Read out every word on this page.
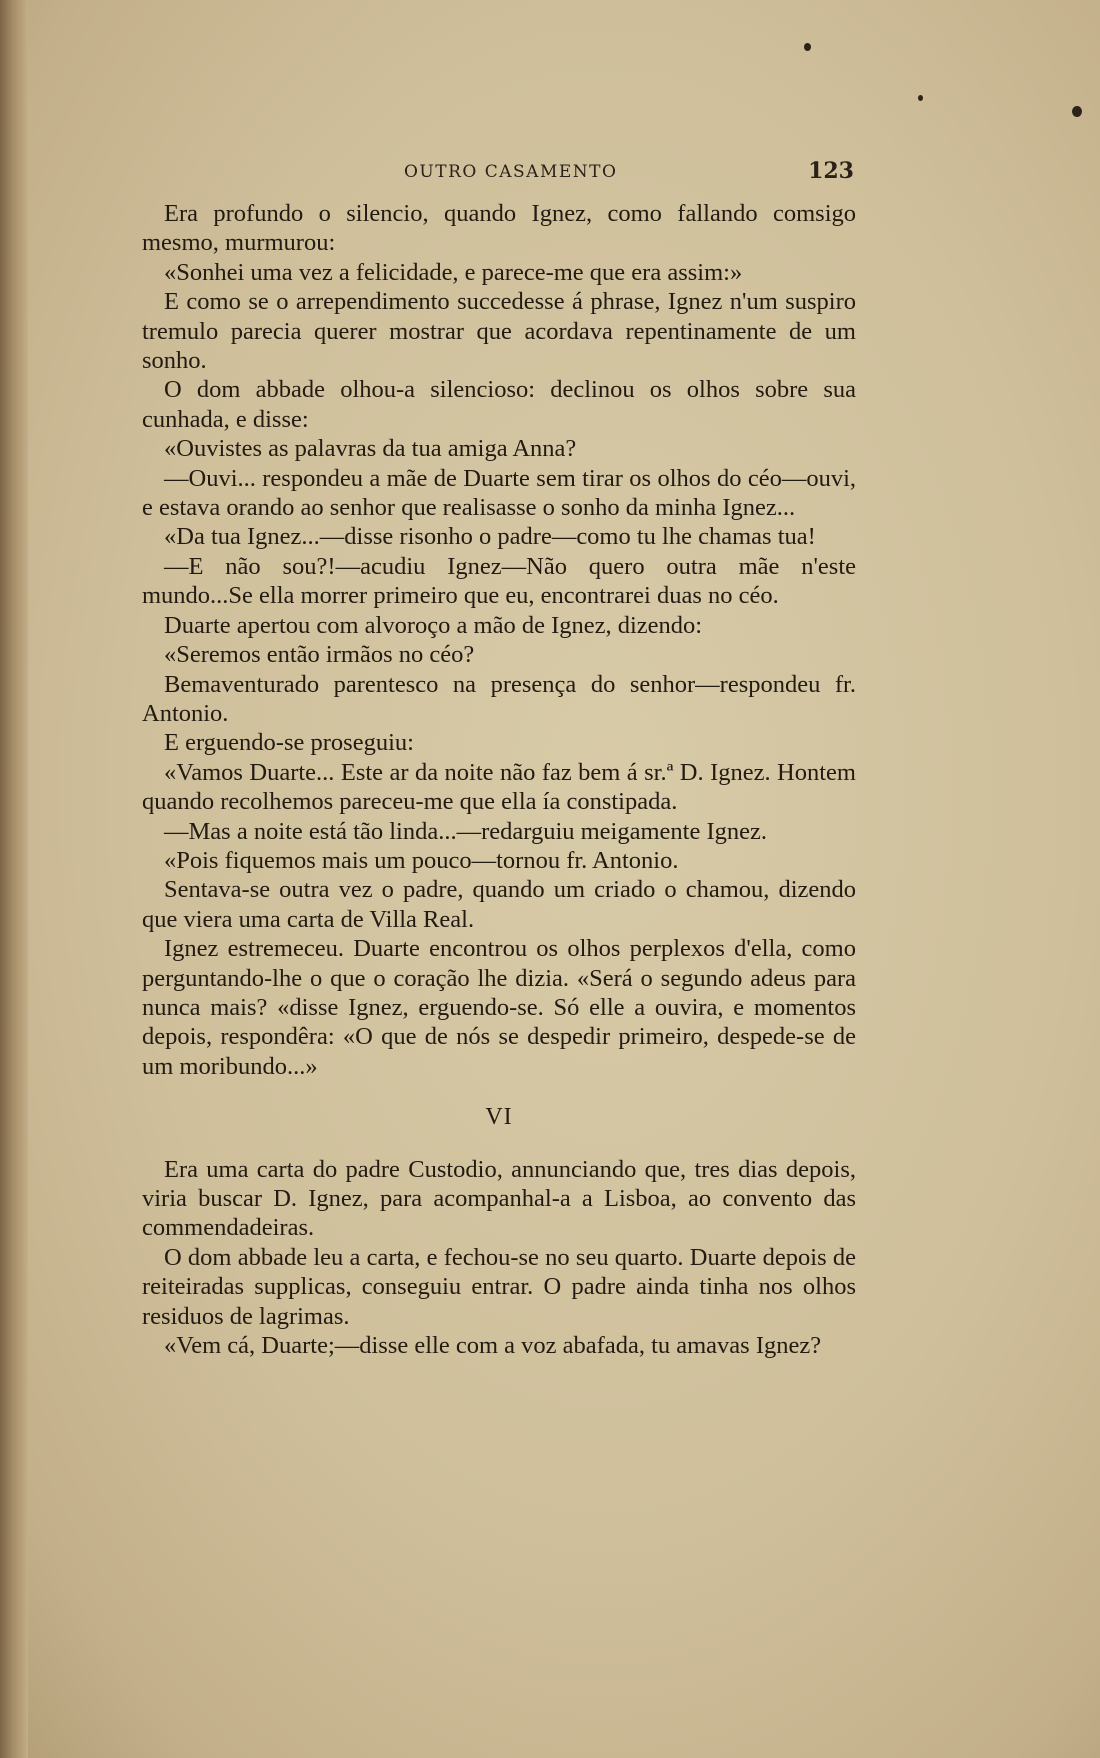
OUTRO CASAMENTO	123

Era profundo o silencio, quando Ignez, como fallando comsigo mesmo, murmurou:

«Sonhei uma vez a felicidade, e parece-me que era assim:»

E como se o arrependimento succedesse á phrase, Ignez n'um suspiro tremulo parecia querer mostrar que acordava repentinamente de um sonho.

O dom abbade olhou-a silencioso: declinou os olhos sobre sua cunhada, e disse:

«Ouvistes as palavras da tua amiga Anna?

—Ouvi... respondeu a mãe de Duarte sem tirar os olhos do céo—ouvi, e estava orando ao senhor que realisasse o sonho da minha Ignez...

«Da tua Ignez...—disse risonho o padre—como tu lhe chamas tua!

—E não sou?!—acudiu Ignez—Não quero outra mãe n'este mundo...Se ella morrer primeiro que eu, encontrarei duas no céo.

Duarte apertou com alvoroço a mão de Ignez, dizendo:

«Seremos então irmãos no céo?

Bemaventurado parentesco na presença do senhor—respondeu fr. Antonio.

E erguendo-se proseguiu:

«Vamos Duarte... Este ar da noite não faz bem á sr.ª D. Ignez. Hontem quando recolhemos pareceu-me que ella ía constipada.

—Mas a noite está tão linda...—redarguiu meigamente Ignez.

«Pois fiquemos mais um pouco—tornou fr. Antonio.

Sentava-se outra vez o padre, quando um criado o chamou, dizendo que viera uma carta de Villa Real.

Ignez estremeceu. Duarte encontrou os olhos perplexos d'ella, como perguntando-lhe o que o coração lhe dizia. «Será o segundo adeus para nunca mais? «disse Ignez, erguendo-se. Só elle a ouvira, e momentos depois, respondêra: «O que de nós se despedir primeiro, despede-se de um moribundo...»

VI

Era uma carta do padre Custodio, annunciando que, tres dias depois, viria buscar D. Ignez, para acompanhal-a a Lisboa, ao convento das commendadeiras.

O dom abbade leu a carta, e fechou-se no seu quarto. Duarte depois de reiteiradas supplicas, conseguiu entrar. O padre ainda tinha nos olhos residuos de lagrimas.

«Vem cá, Duarte;—disse elle com a voz abafada, tu amavas Ignez?
